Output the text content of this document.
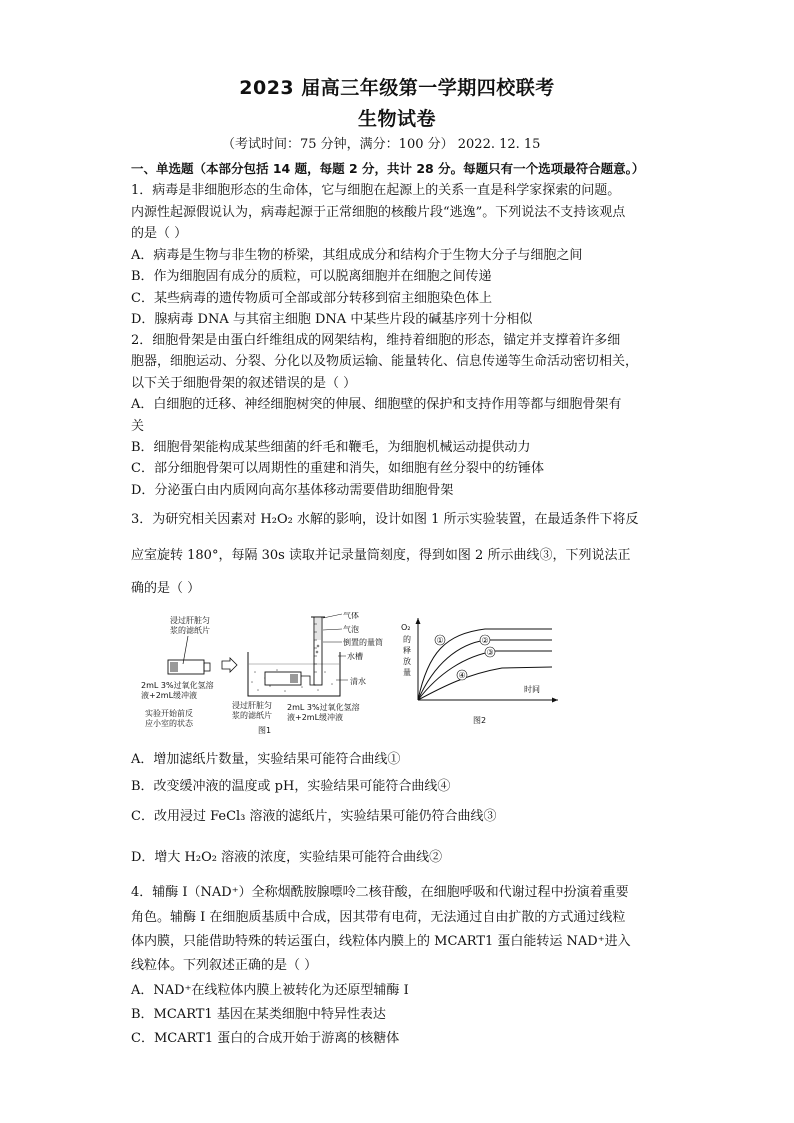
2023 届高三年级第一学期四校联考
生物试卷
（考试时间：75 分钟，满分：100 分） 2022. 12. 15
一、单选题（本部分包括 14 题，每题 2 分，共计 28 分。每题只有一个选项最符合题意。）
1．病毒是非细胞形态的生命体，它与细胞在起源上的关系一直是科学家探索的问题。
内源性起源假说认为，病毒起源于正常细胞的核酸片段“逃逸”。下列说法不支持该观点
的是（ ）
A．病毒是生物与非生物的桥梁，其组成成分和结构介于生物大分子与细胞之间
B．作为细胞固有成分的质粒，可以脱离细胞并在细胞之间传递
C．某些病毒的遗传物质可全部或部分转移到宿主细胞染色体上
D．腺病毒 DNA 与其宿主细胞 DNA 中某些片段的碱基序列十分相似
2．细胞骨架是由蛋白纤维组成的网架结构，维持着细胞的形态，锚定并支撑着许多细
胞器，细胞运动、分裂、分化以及物质运输、能量转化、信息传递等生命活动密切相关，
以下关于细胞骨架的叙述错误的是（ ）
A．白细胞的迁移、神经细胞树突的伸展、细胞壁的保护和支持作用等都与细胞骨架有
关
B．细胞骨架能构成某些细菌的纤毛和鞭毛，为细胞机械运动提供动力
C．部分细胞骨架可以周期性的重建和消失，如细胞有丝分裂中的纺锤体
D．分泌蛋白由内质网向高尔基体移动需要借助细胞骨架
3．为研究相关因素对 H₂O₂ 水解的影响，设计如图 1 所示实验装置，在最适条件下将反
应室旋转 180°，每隔 30s 读取并记录量筒刻度，得到如图 2 所示曲线③，下列说法正
确的是（ ）
浸过肝脏匀
浆的滤纸片
2mL 3%过氧化氢溶
液+2mL缓冲液
实验开始前反
应小室的状态
气体
气泡
倒置的量筒
水槽
清水
浸过肝脏匀
浆的滤纸片
2mL 3%过氧化氢溶
液+2mL缓冲液
图1
O₂
的
释
放
量
①	②
③
④
时间
图2
A．增加滤纸片数量，实验结果可能符合曲线①
B．改变缓冲液的温度或 pH，实验结果可能符合曲线④
C．改用浸过 FeCl₃ 溶液的滤纸片，实验结果可能仍符合曲线③
D．增大 H₂O₂ 溶液的浓度，实验结果可能符合曲线②
4．辅酶 I（NAD⁺）全称烟酰胺腺嘌呤二核苷酸，在细胞呼吸和代谢过程中扮演着重要
角色。辅酶 I 在细胞质基质中合成，因其带有电荷，无法通过自由扩散的方式通过线粒
体内膜，只能借助特殊的转运蛋白，线粒体内膜上的 MCART1 蛋白能转运 NAD⁺进入
线粒体。下列叙述正确的是（ ）
A．NAD⁺在线粒体内膜上被转化为还原型辅酶 I
B．MCART1 基因在某类细胞中特异性表达
C．MCART1 蛋白的合成开始于游离的核糖体
